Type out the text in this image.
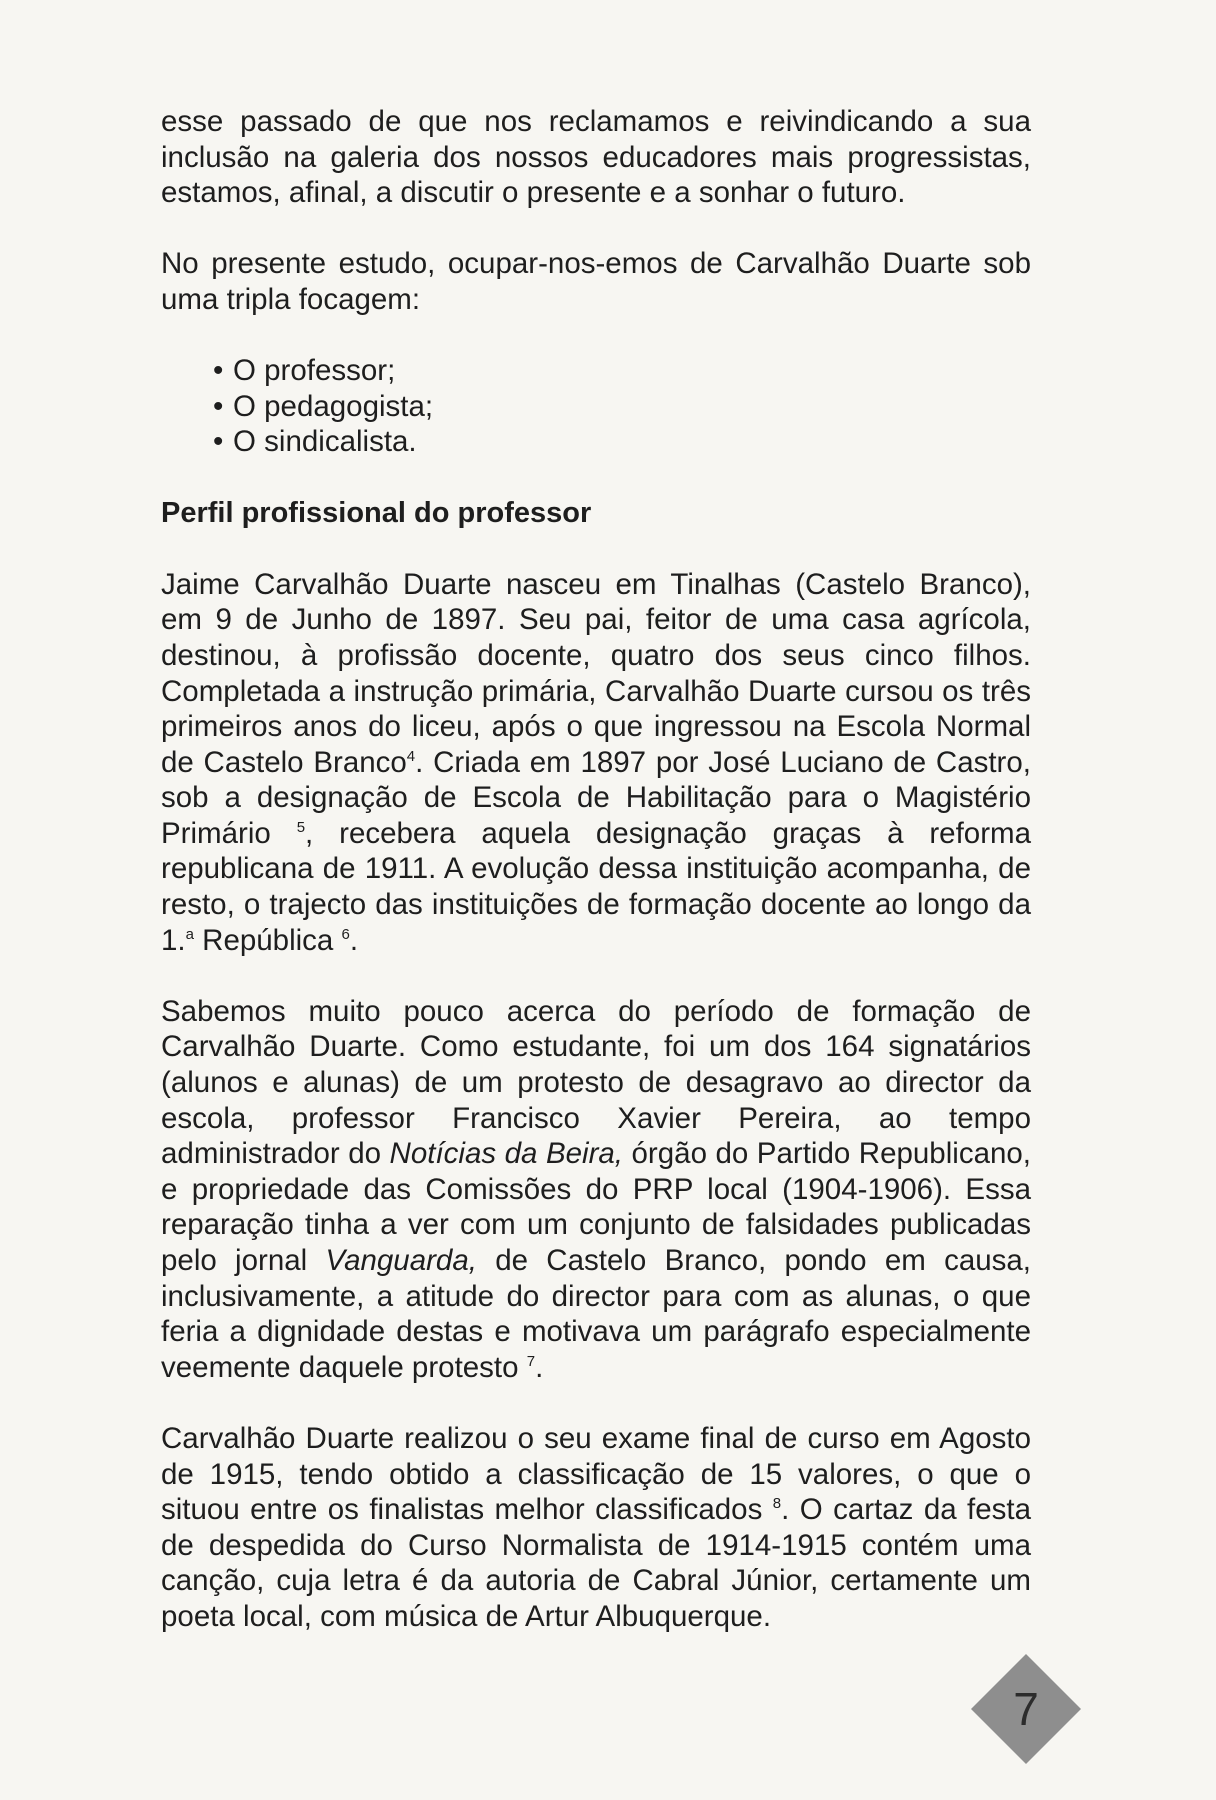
esse passado de que nos reclamamos e reivindicando a sua inclusão na galeria dos nossos educadores mais progressistas, estamos, afinal, a discutir o presente e a sonhar o futuro.

No presente estudo, ocupar-nos-emos de Carvalhão Duarte sob uma tripla focagem:

• O professor;
• O pedagogista;
• O sindicalista.
Perfil profissional do professor

Jaime Carvalhão Duarte nasceu em Tinalhas (Castelo Branco), em 9 de Junho de 1897. Seu pai, feitor de uma casa agrícola, destinou, à profissão docente, quatro dos seus cinco filhos. Completada a instrução primária, Carvalhão Duarte cursou os três primeiros anos do liceu, após o que ingressou na Escola Normal de Castelo Branco$^4$. Criada em 1897 por José Luciano de Castro, sob a designação de Escola de Habilitação para o Magistério Primário $^5$, recebera aquela designação graças à reforma republicana de 1911. A evolução dessa instituição acompanha, de resto, o trajecto das instituições de formação docente ao longo da 1.$^a$ República $^6$.

Sabemos muito pouco acerca do período de formação de Carvalhão Duarte. Como estudante, foi um dos 164 signatários (alunos e alunas) de um protesto de desagravo ao director da escola, professor Francisco Xavier Pereira, ao tempo administrador do Notícias da Beira, órgão do Partido Republicano, e propriedade das Comissões do PRP local (1904-1906). Essa reparação tinha a ver com um conjunto de falsidades publicadas pelo jornal Vanguarda, de Castelo Branco, pondo em causa, inclusivamente, a atitude do director para com as alunas, o que feria a dignidade destas e motivava um parágrafo especialmente veemente daquele protesto $^7$.

Carvalhão Duarte realizou o seu exame final de curso em Agosto de 1915, tendo obtido a classificação de 15 valores, o que o situou entre os finalistas melhor classificados $^8$. O cartaz da festa de despedida do Curso Normalista de 1914-1915 contém uma canção, cuja letra é da autoria de Cabral Júnior, certamente um poeta local, com música de Artur Albuquerque.

7
